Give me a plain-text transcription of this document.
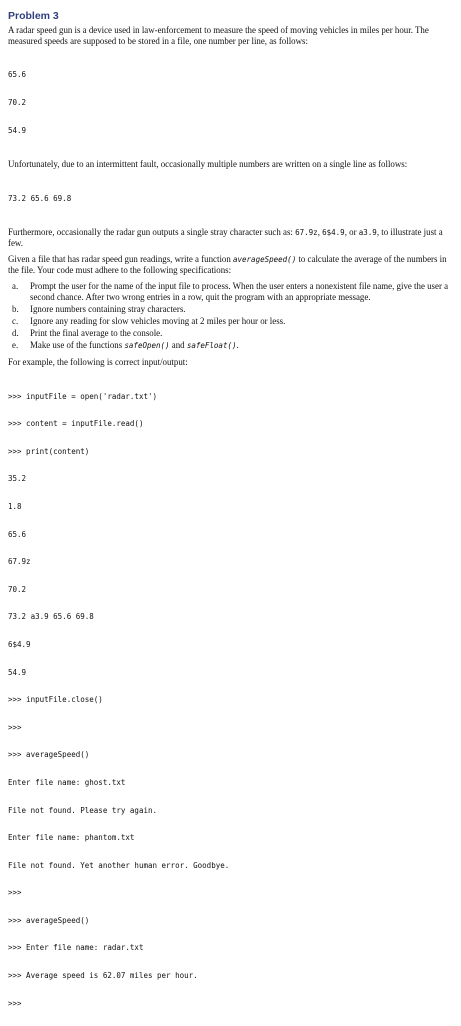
Problem 3

A radar speed gun is a device used in law-enforcement to measure the speed of moving vehicles in miles per hour. The measured speeds are supposed to be stored in a file, one number per line, as follows:

65.6

70.2

54.9

Unfortunately, due to an intermittent fault, occasionally multiple numbers are written on a single line as follows:

73.2 65.6 69.8

Furthermore, occasionally the radar gun outputs a single stray character such as: 67.9z, 6$4.9, or a3.9, to illustrate just a few.

Given a file that has radar speed gun readings, write a function averageSpeed() to calculate the average of the numbers in the file. Your code must adhere to the following specifications:

a.	Prompt the user for the name of the input file to process. When the user enters a nonexistent file name, give the user a second chance. After two wrong entries in a row, quit the program with an appropriate message.
b.	Ignore numbers containing stray characters.
c.	Ignore any reading for slow vehicles moving at 2 miles per hour or less.
d.	Print the final average to the console.
e.	Make use of the functions safeOpen() and safeFloat().

For example, the following is correct input/output:

>>> inputFile = open('radar.txt')

>>> content = inputFile.read()

>>> print(content)

35.2

1.8

65.6

67.9z

70.2

73.2 a3.9 65.6 69.8

6$4.9

54.9

>>> inputFile.close()

>>>

>>> averageSpeed()

Enter file name: ghost.txt

File not found. Please try again.

Enter file name: phantom.txt

File not found. Yet another human error. Goodbye.

>>>

>>> averageSpeed()

>>> Enter file name: radar.txt

>>> Average speed is 62.07 miles per hour.

>>>
